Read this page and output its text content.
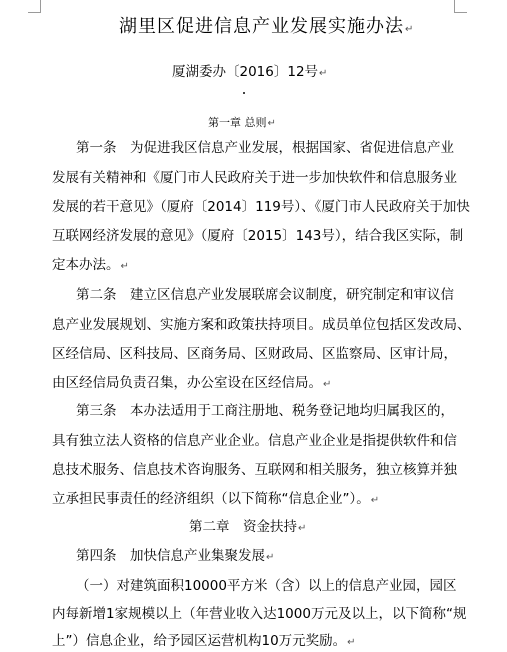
湖里区促进信息产业发展实施办法↵
厦湖委办〔2016〕12号↵
第一章 总则↵
第一条　为促进我区信息产业发展，根据国家、省促进信息产业
发展有关精神和《厦门市人民政府关于进一步加快软件和信息服务业
发展的若干意见》（厦府〔2014〕119号）、《厦门市人民政府关于加快
互联网经济发展的意见》（厦府〔2015〕143号），结合我区实际，制
定本办法。↵
第二条　建立区信息产业发展联席会议制度，研究制定和审议信
息产业发展规划、实施方案和政策扶持项目。成员单位包括区发改局、
区经信局、区科技局、区商务局、区财政局、区监察局、区审计局，
由区经信局负责召集，办公室设在区经信局。↵
第三条　本办法适用于工商注册地、税务登记地均归属我区的，
具有独立法人资格的信息产业企业。信息产业企业是指提供软件和信
息技术服务、信息技术咨询服务、互联网和相关服务，独立核算并独
立承担民事责任的经济组织（以下简称“信息企业”）。↵
第二章　资金扶持↵
第四条　加快信息产业集聚发展↵
（一）对建筑面积10000平方米（含）以上的信息产业园，园区
内每新增1家规模以上（年营业收入达1000万元及以上，以下简称“规
上”）信息企业，给予园区运营机构10万元奖励。↵
